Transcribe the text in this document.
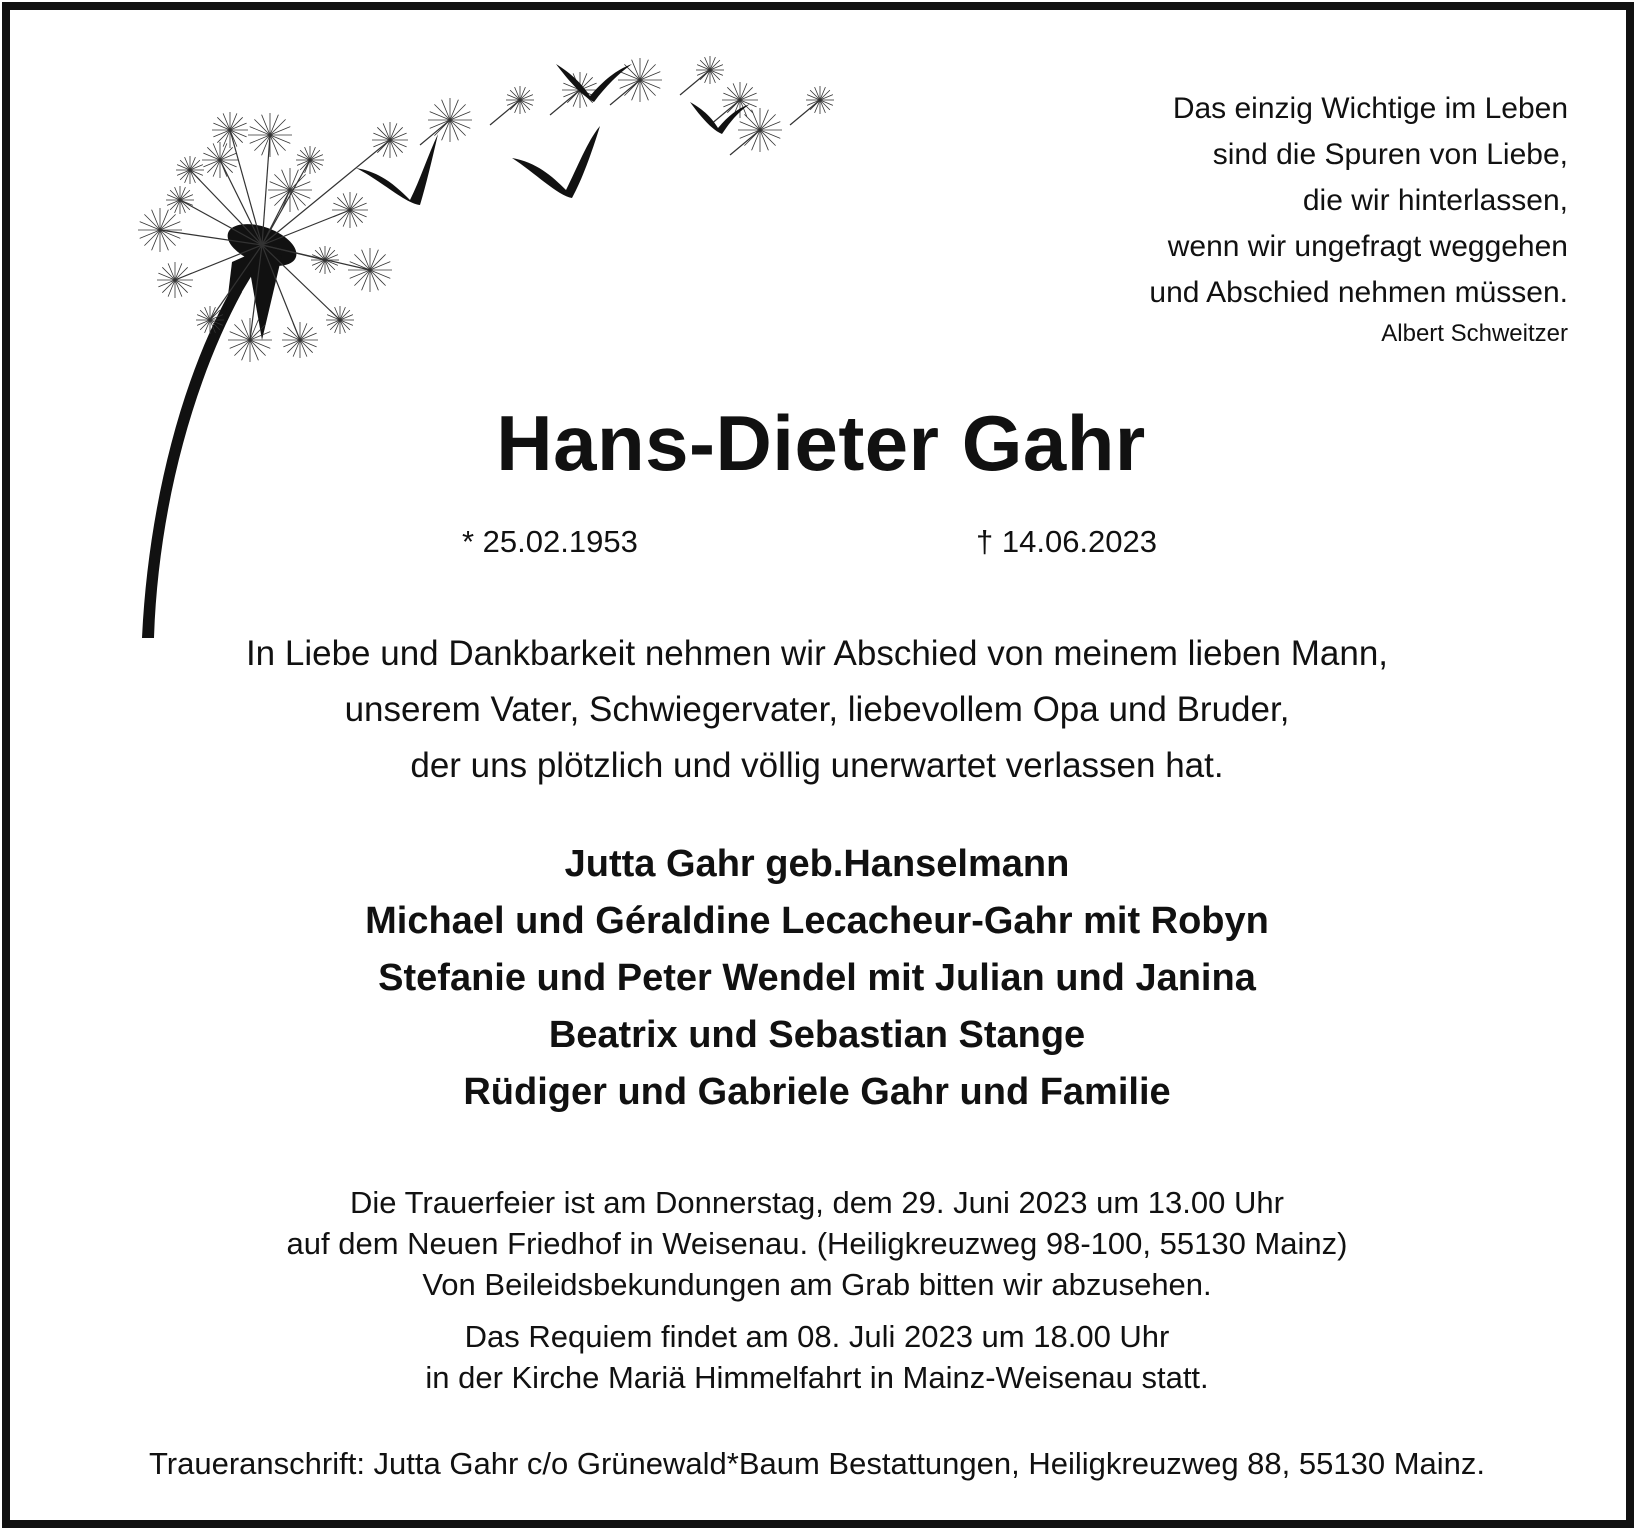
Das einzig Wichtige im Leben
sind die Spuren von Liebe,
die wir hinterlassen,
wenn wir ungefragt weggehen
und Abschied nehmen müssen.
Albert Schweitzer
Hans-Dieter Gahr
* 25.02.1953	† 14.06.2023
In Liebe und Dankbarkeit nehmen wir Abschied von meinem lieben Mann,
unserem Vater, Schwiegervater, liebevollem Opa und Bruder,
der uns plötzlich und völlig unerwartet verlassen hat.
Jutta Gahr geb.Hanselmann
Michael und Géraldine Lecacheur-Gahr mit Robyn
Stefanie und Peter Wendel mit Julian und Janina
Beatrix und Sebastian Stange
Rüdiger und Gabriele Gahr und Familie
Die Trauerfeier ist am Donnerstag, dem 29. Juni 2023 um 13.00 Uhr
auf dem Neuen Friedhof in Weisenau. (Heiligkreuzweg 98-100, 55130 Mainz)
Von Beileidsbekundungen am Grab bitten wir abzusehen.
Das Requiem findet am 08. Juli 2023 um 18.00 Uhr
in der Kirche Mariä Himmelfahrt in Mainz-Weisenau statt.
Traueranschrift: Jutta Gahr c/o Grünewald*Baum Bestattungen, Heiligkreuzweg 88, 55130 Mainz.
